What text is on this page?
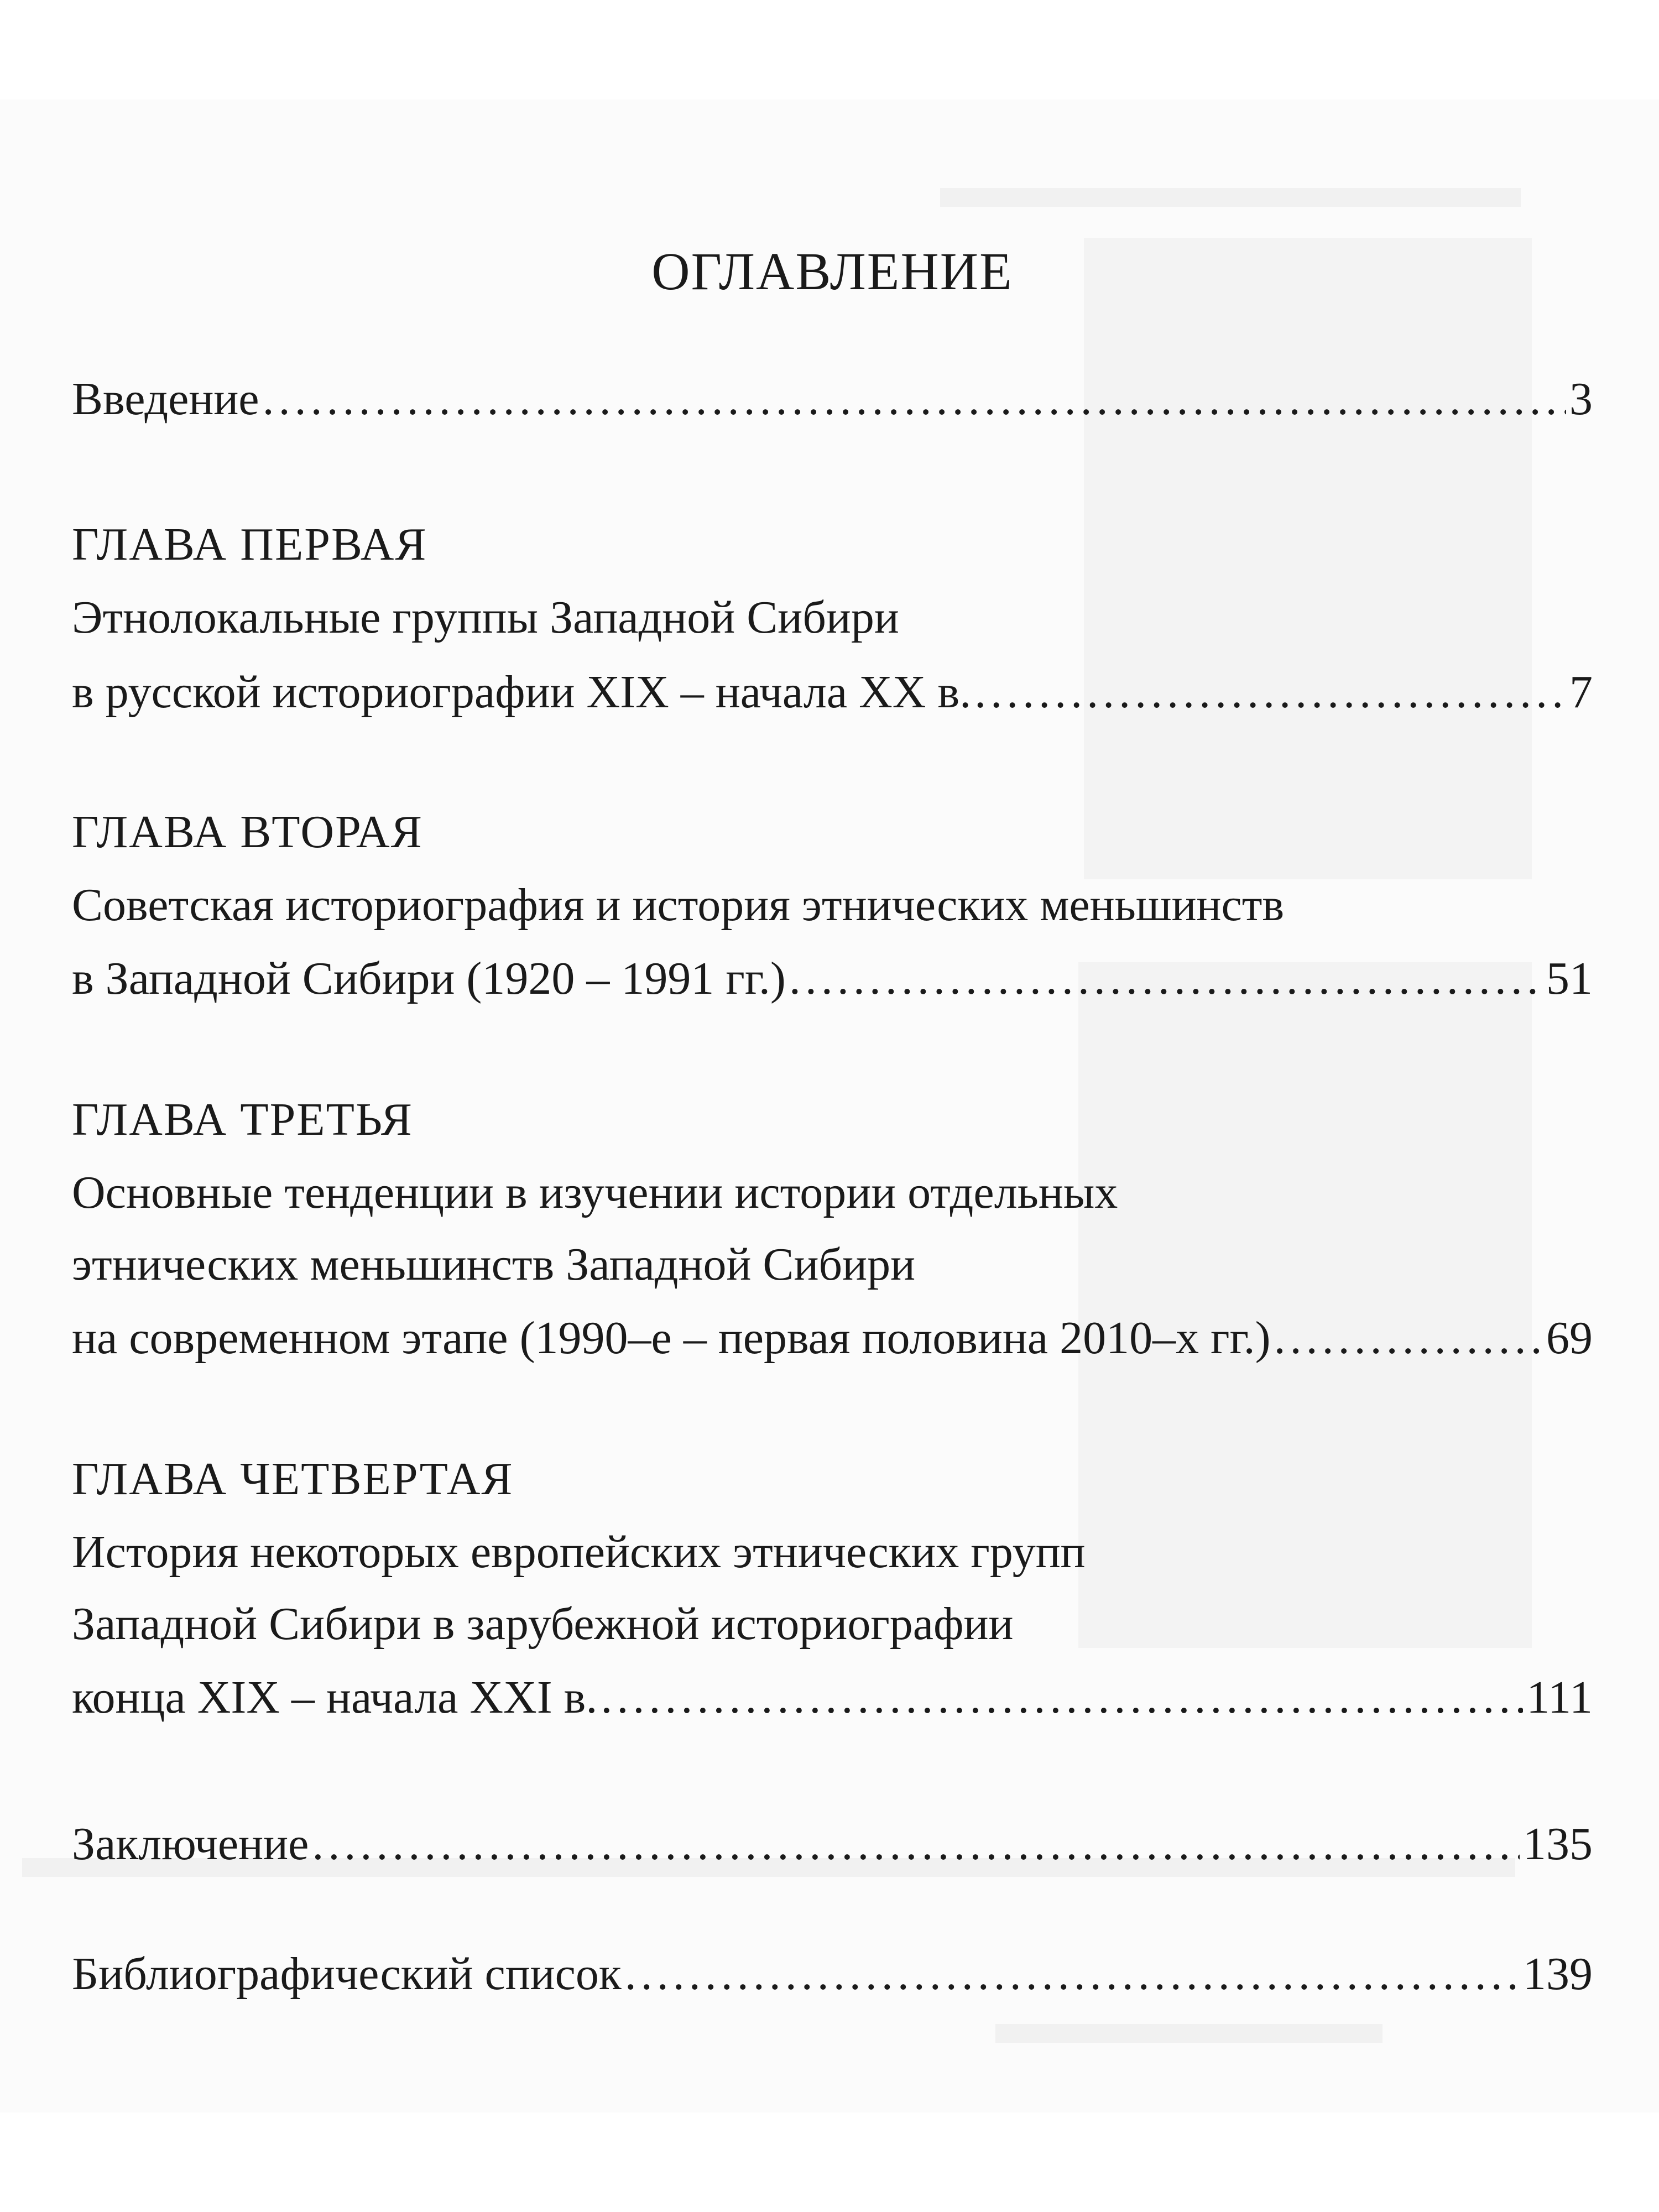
ОГЛАВЛЕНИЕ
Введение .....	3
ГЛАВА ПЕРВАЯ
Этнолокальные группы Западной Сибири
в русской историографии XIX – начала XX в. .....	7
ГЛАВА ВТОРАЯ
Советская историография и история этнических меньшинств
в Западной Сибири (1920 – 1991 гг.) .....	51
ГЛАВА ТРЕТЬЯ
Основные тенденции в изучении истории отдельных
этнических меньшинств Западной Сибири
на современном этапе (1990–е – первая половина 2010–х гг.) .....	69
ГЛАВА ЧЕТВЕРТАЯ
История некоторых европейских этнических групп
Западной Сибири в зарубежной историографии
конца XIX – начала XXI в. .....	111
Заключение .....	135
Библиографический список .....	139
